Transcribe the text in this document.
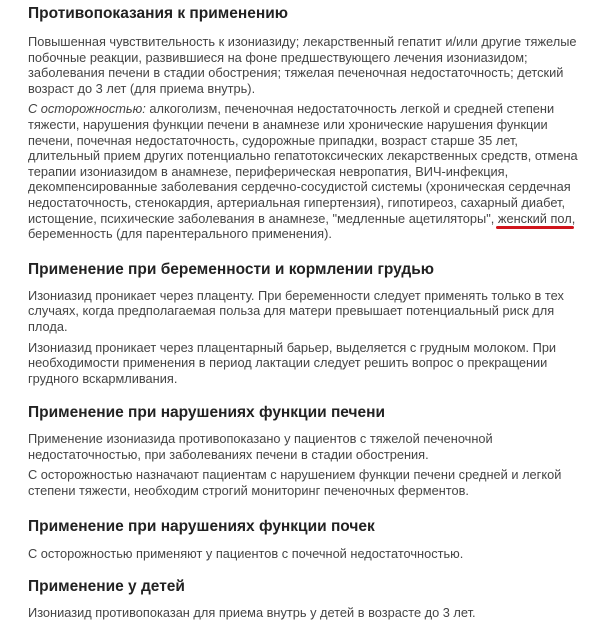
Противопоказания к применению

Повышенная чувствительность к изониазиду; лекарственный гепатит и/или другие тяжелые побочные реакции, развившиеся на фоне предшествующего лечения изониазидом; заболевания печени в стадии обострения; тяжелая печеночная недостаточность; детский возраст до 3 лет (для приема внутрь).

С осторожностью: алкоголизм, печеночная недостаточность легкой и средней степени тяжести, нарушения функции печени в анамнезе или хронические нарушения функции печени, почечная недостаточность, судорожные припадки, возраст старше 35 лет, длительный прием других потенциально гепатотоксических лекарственных средств, отмена терапии изониазидом в анамнезе, периферическая невропатия, ВИЧ-инфекция, декомпенсированные заболевания сердечно-сосудистой системы (хроническая сердечная недостаточность, стенокардия, артериальная гипертензия), гипотиреоз, сахарный диабет, истощение, психические заболевания в анамнезе, "медленные ацетиляторы", женский пол, беременность (для парентерального применения).

Применение при беременности и кормлении грудью

Изониазид проникает через плаценту. При беременности следует применять только в тех случаях, когда предполагаемая польза для матери превышает потенциальный риск для плода.

Изониазид проникает через плацентарный барьер, выделяется с грудным молоком. При необходимости применения в период лактации следует решить вопрос о прекращении грудного вскармливания.

Применение при нарушениях функции печени

Применение изониазида противопоказано у пациентов с тяжелой печеночной недостаточностью, при заболеваниях печени в стадии обострения.

С осторожностью назначают пациентам с нарушением функции печени средней и легкой степени тяжести, необходим строгий мониторинг печеночных ферментов.

Применение при нарушениях функции почек

С осторожностью применяют у пациентов с почечной недостаточностью.

Применение у детей

Изониазид противопоказан для приема внутрь у детей в возрасте до 3 лет.
